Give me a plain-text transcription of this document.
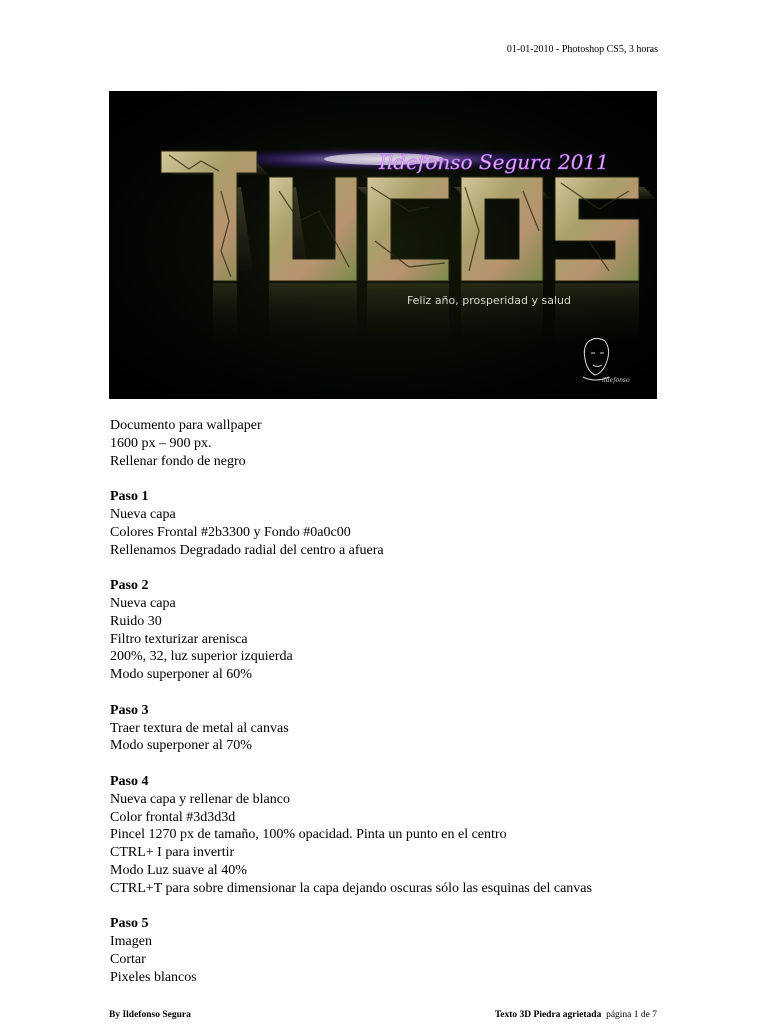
01-01-2010 - Photoshop CS5, 3 horas
Ildefonso Segura 2011
Feliz año, prosperidad y salud
ildefonso
Documento para wallpaper
1600 px – 900 px.
Rellenar fondo de negro
Paso 1
Nueva capa
Colores Frontal #2b3300 y Fondo #0a0c00
Rellenamos Degradado radial del centro a afuera
Paso 2
Nueva capa
Ruido 30
Filtro texturizar arenisca
200%, 32, luz superior izquierda
Modo superponer al 60%
Paso 3
Traer textura de metal al canvas
Modo superponer al 70%
Paso 4
Nueva capa y rellenar de blanco
Color frontal #3d3d3d
Pincel 1270 px de tamaño, 100% opacidad. Pinta un punto en el centro
CTRL+ I para invertir
Modo Luz suave al 40%
CTRL+T para sobre dimensionar la capa dejando oscuras sólo las esquinas del canvas
Paso 5
Imagen
Cortar
Pixeles blancos
By Ildefonso Segura	Texto 3D Piedra agrietada página 1 de 7
